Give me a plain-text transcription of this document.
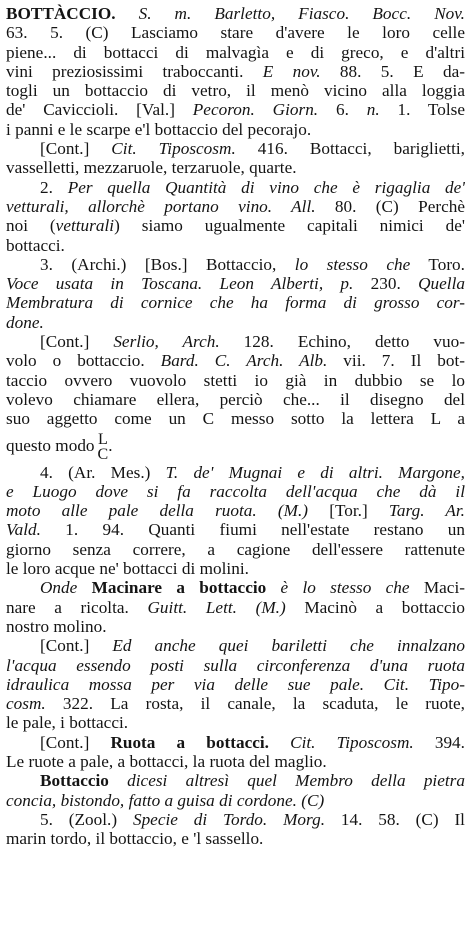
BOTTÀCCIO. S. m. Barletto, Fiasco. Bocc. Nov.
63. 5. (C) Lasciamo stare d'avere le loro celle
piene... di bottacci di malvagìa e di greco, e d'altri
vini preziosissimi traboccanti. E nov. 88. 5. E da-
togli un bottaccio di vetro, il menò vicino alla loggia
de' Caviccioli. [Val.] Pecoron. Giorn. 6. n. 1. Tolse
i panni e le scarpe e'l bottaccio del pecorajo.
[Cont.] Cit. Tiposcosm. 416. Bottacci, bariglietti,
vasselletti, mezzaruole, terzaruole, quarte.
2. Per quella Quantità di vino che è rigaglia de'
vetturali, allorchè portano vino. All. 80. (C) Perchè
noi (vetturali) siamo ugualmente capitali nimici de'
bottacci.
3. (Archi.) [Bos.] Bottaccio, lo stesso che Toro.
Voce usata in Toscana. Leon Alberti, p. 230. Quella
Membratura di cornice che ha forma di grosso cor-
done.
[Cont.] Serlio, Arch. 128. Echino, detto vuo-
volo o bottaccio. Bard. C. Arch. Alb. vii. 7. Il bot-
taccio ovvero vuovolo stetti io già in dubbio se lo
volevo chiamare ellera, perciò che... il disegno del
suo aggetto come un C messo sotto la lettera L a
questo modo L
C .
4. (Ar. Mes.) T. de' Mugnai e di altri. Margone,
e Luogo dove si fa raccolta dell'acqua che dà il
moto alle pale della ruota. (M.) [Tor.] Targ. Ar.
Vald. 1. 94. Quanti fiumi nell'estate restano un
giorno senza correre, a cagione dell'essere rattenute
le loro acque ne' bottacci di molini.
Onde Macinare a bottaccio è lo stesso che Maci-
nare a ricolta. Guitt. Lett. (M.) Macinò a bottaccio
nostro molino.
[Cont.] Ed anche quei bariletti che innalzano
l'acqua essendo posti sulla circonferenza d'una ruota
idraulica mossa per via delle sue pale. Cit. Tipo-
cosm. 322. La rosta, il canale, la scaduta, le ruote,
le pale, i bottacci.
[Cont.] Ruota a bottacci. Cit. Tiposcosm. 394.
Le ruote a pale, a bottacci, la ruota del maglio.
Bottaccio dicesi altresì quel Membro della pietra
concia, bistondo, fatto a guisa di cordone. (C)
5. (Zool.) Specie di Tordo. Morg. 14. 58. (C) Il
marin tordo, il bottaccio, e 'l sassello.
